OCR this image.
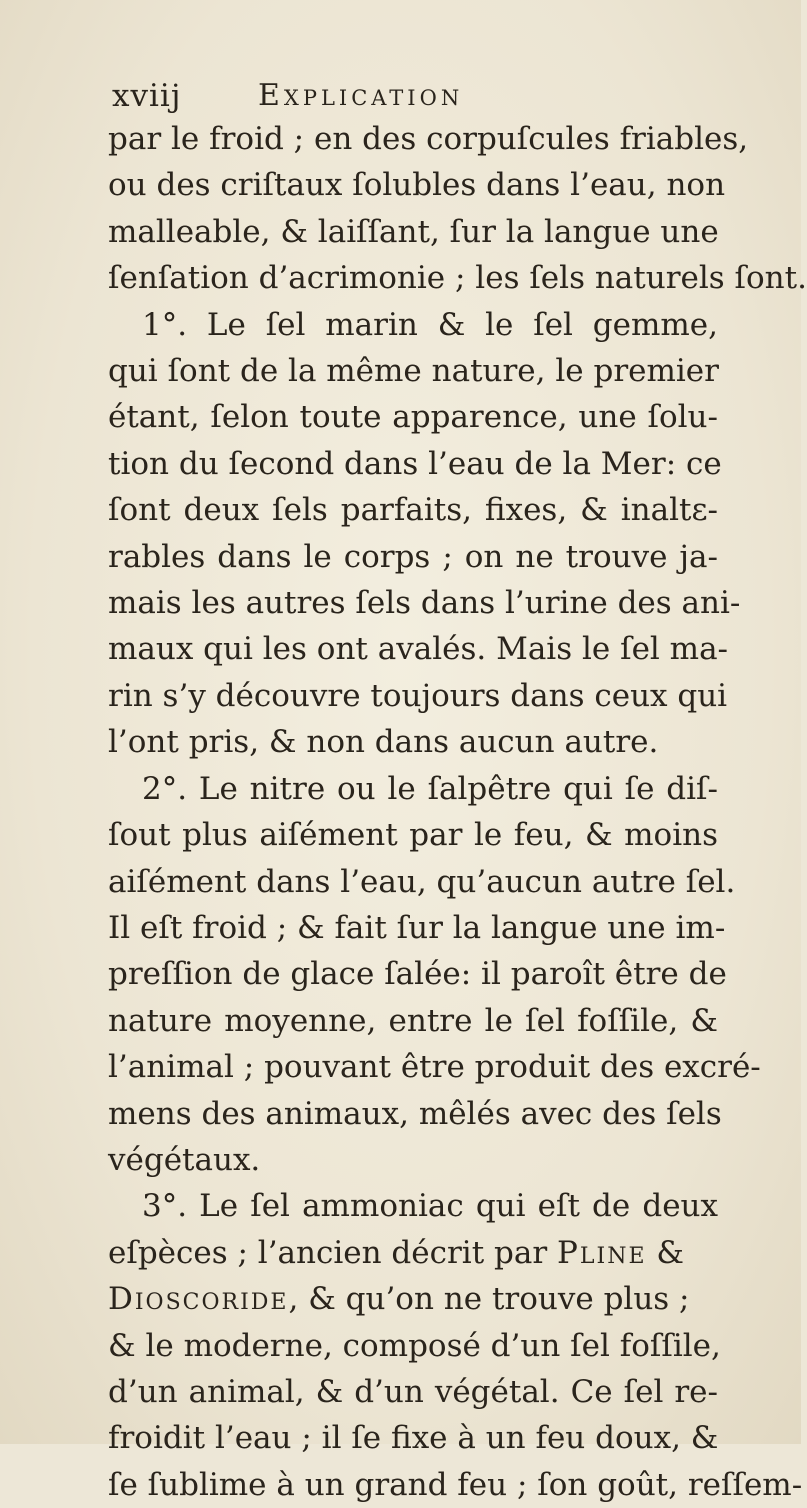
xviij	Explication
par le froid ; en des corpuſcules friables,
ou des criſtaux ſolubles dans l’eau, non
malleable, & laiſſant, ſur la langue une
ſenſation d’acrimonie ; les ſels naturels ſont.
1°. Le ſel marin & le ſel gemme,
qui ſont de la même nature, le premier
étant, ſelon toute apparence, une ſolu-
tion du ſecond dans l’eau de la Mer: ce
ſont deux ſels parfaits, fixes, & inaltε-
rables dans le corps ; on ne trouve ja-
mais les autres ſels dans l’urine des ani-
maux qui les ont avalés. Mais le ſel ma-
rin s’y découvre toujours dans ceux qui
l’ont pris, & non dans aucun autre.
2°. Le nitre ou le ſalpêtre qui ſe diſ-
ſout plus aiſément par le feu, & moins
aiſément dans l’eau, qu’aucun autre ſel.
Il eſt froid ; & fait ſur la langue une im-
preſſion de glace ſalée: il paroît être de
nature moyenne, entre le ſel foſſile, &
l’animal ; pouvant être produit des excré-
mens des animaux, mêlés avec des ſels
végétaux.
3°. Le ſel ammoniac qui eſt de deux
eſpèces ; l’ancien décrit par Pline &
Dioscoride, & qu’on ne trouve plus ;
& le moderne, composé d’un ſel foſſile,
d’un animal, & d’un végétal. Ce ſel re-
froidit l’eau ; il ſe fixe à un feu doux, &
ſe ſublime à un grand feu ; ſon goût, reſſem-
